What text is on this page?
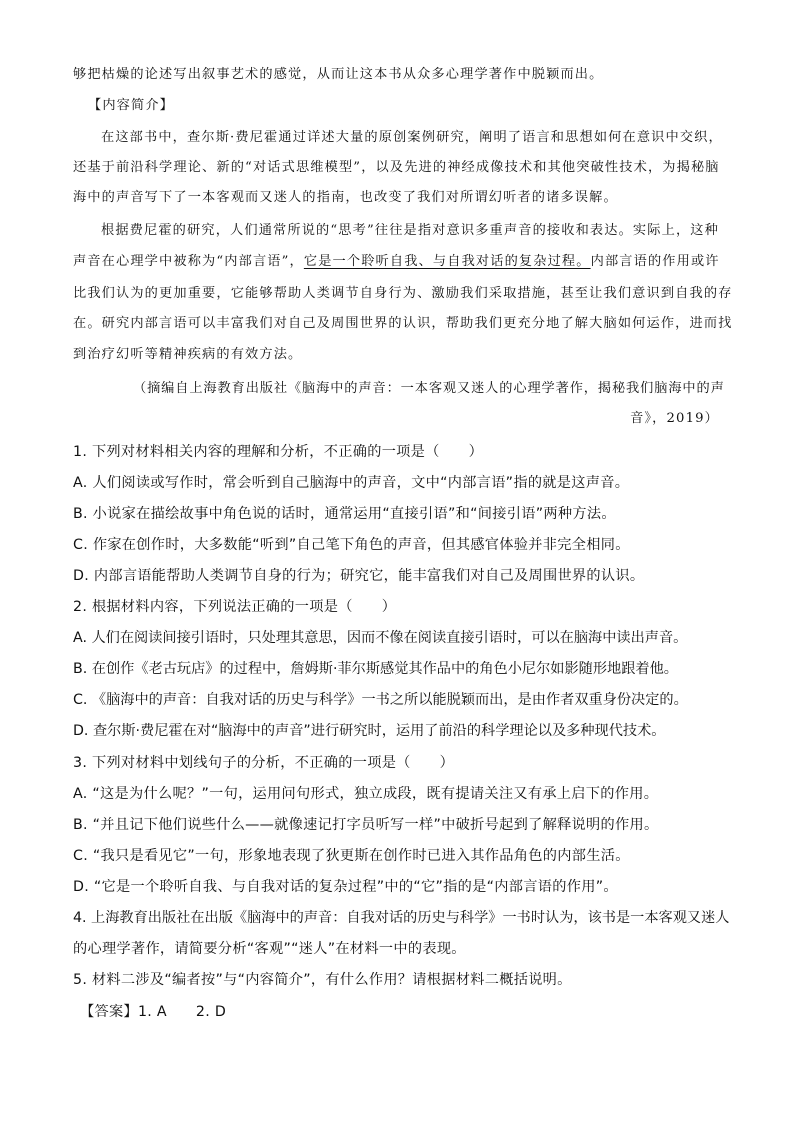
够把枯燥的论述写出叙事艺术的感觉，从而让这本书从众多心理学著作中脱颖而出。
【内容简介】
在这部书中，查尔斯·费尼霍通过详述大量的原创案例研究，阐明了语言和思想如何在意识中交织，
还基于前沿科学理论、新的“对话式思维模型”，以及先进的神经成像技术和其他突破性技术，为揭秘脑
海中的声音写下了一本客观而又迷人的指南，也改变了我们对所谓幻听者的诸多误解。
根据费尼霍的研究，人们通常所说的“思考”往往是指对意识多重声音的接收和表达。实际上，这种
声音在心理学中被称为“内部言语”，它是一个聆听自我、与自我对话的复杂过程。内部言语的作用或许
比我们认为的更加重要，它能够帮助人类调节自身行为、激励我们采取措施，甚至让我们意识到自我的存
在。研究内部言语可以丰富我们对自己及周围世界的认识，帮助我们更充分地了解大脑如何运作，进而找
到治疗幻听等精神疾病的有效方法。
（摘编自上海教育出版社《脑海中的声音：一本客观又迷人的心理学著作，揭秘我们脑海中的声
音》，2019）
1. 下列对材料相关内容的理解和分析，不正确的一项是（　　）
A. 人们阅读或写作时，常会听到自己脑海中的声音，文中“内部言语”指的就是这声音。
B. 小说家在描绘故事中角色说的话时，通常运用“直接引语”和“间接引语”两种方法。
C. 作家在创作时，大多数能“听到”自己笔下角色的声音，但其感官体验并非完全相同。
D. 内部言语能帮助人类调节自身的行为；研究它，能丰富我们对自己及周围世界的认识。
2. 根据材料内容，下列说法正确的一项是（　　）
A. 人们在阅读间接引语时，只处理其意思，因而不像在阅读直接引语时，可以在脑海中读出声音。
B. 在创作《老古玩店》的过程中，詹姆斯·菲尔斯感觉其作品中的角色小尼尔如影随形地跟着他。
C. 《脑海中的声音：自我对话的历史与科学》一书之所以能脱颖而出，是由作者双重身份决定的。
D. 查尔斯·费尼霍在对“脑海中的声音”进行研究时，运用了前沿的科学理论以及多种现代技术。
3. 下列对材料中划线句子的分析，不正确的一项是（　　）
A. “这是为什么呢？”一句，运用问句形式，独立成段，既有提请关注又有承上启下的作用。
B. “并且记下他们说些什么——就像速记打字员听写一样”中破折号起到了解释说明的作用。
C. “我只是看见它”一句，形象地表现了狄更斯在创作时已进入其作品角色的内部生活。
D. “它是一个聆听自我、与自我对话的复杂过程”中的“它”指的是“内部言语的作用”。
4. 上海教育出版社在出版《脑海中的声音：自我对话的历史与科学》一书时认为，该书是一本客观又迷人
的心理学著作，请简要分析“客观”“迷人”在材料一中的表现。
5. 材料二涉及“编者按”与“内容简介”，有什么作用？请根据材料二概括说明。
【答案】1. A　　2. D
